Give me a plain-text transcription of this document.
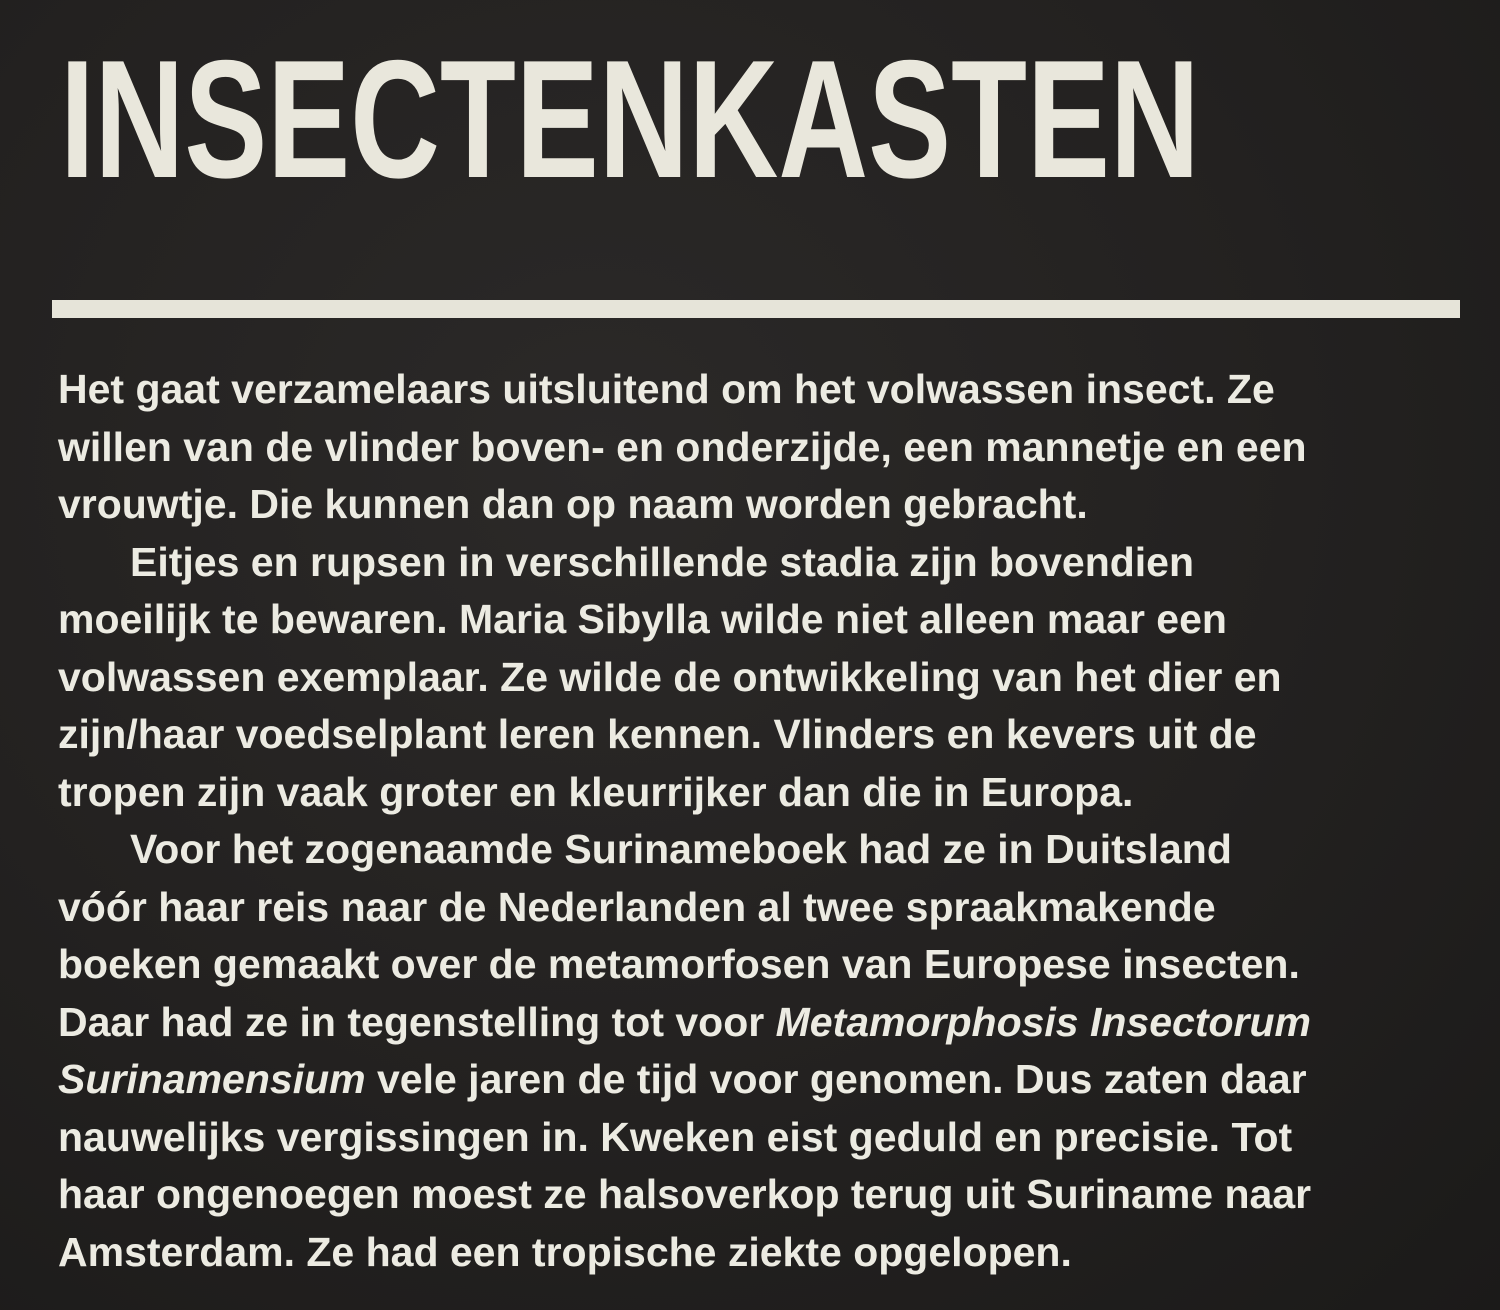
INSECTENKASTEN
Het gaat verzamelaars uitsluitend om het volwassen insect. Ze
willen van de vlinder boven- en onderzijde, een mannetje en een
vrouwtje. Die kunnen dan op naam worden gebracht.
Eitjes en rupsen in verschillende stadia zijn bovendien
moeilijk te bewaren. Maria Sibylla wilde niet alleen maar een
volwassen exemplaar. Ze wilde de ontwikkeling van het dier en
zijn/haar voedselplant leren kennen. Vlinders en kevers uit de
tropen zijn vaak groter en kleurrijker dan die in Europa.
Voor het zogenaamde Surinameboek had ze in Duitsland
vóór haar reis naar de Nederlanden al twee spraakmakende
boeken gemaakt over de metamorfosen van Europese insecten.
Daar had ze in tegenstelling tot voor Metamorphosis Insectorum
Surinamensium vele jaren de tijd voor genomen. Dus zaten daar
nauwelijks vergissingen in. Kweken eist geduld en precisie. Tot
haar ongenoegen moest ze halsoverkop terug uit Suriname naar
Amsterdam. Ze had een tropische ziekte opgelopen.
